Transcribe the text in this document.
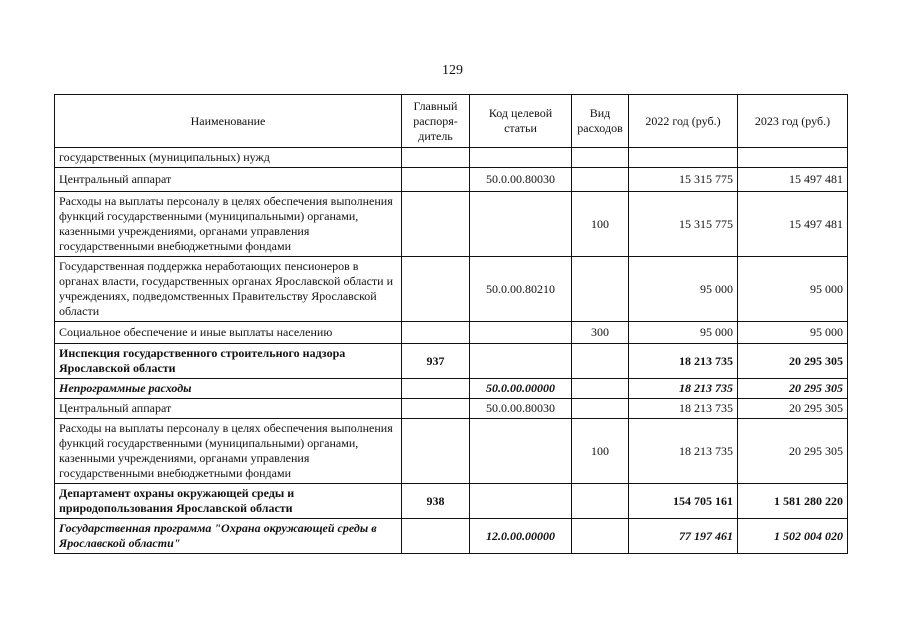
129
Наименование	Главный распоря-дитель	Код целевой статьи	Вид расходов	2022 год (руб.)	2023 год (руб.)
государственных (муниципальных) нужд					
Центральный аппарат		50.0.00.80030		15 315 775	15 497 481
Расходы на выплаты персоналу в целях обеспечения выполнения функций государственными (муниципальными) органами, казенными учреждениями, органами управления государственными внебюджетными фондами			100	15 315 775	15 497 481
Государственная поддержка неработающих пенсионеров в органах власти, государственных органах Ярославской области и учреждениях, подведомственных Правительству Ярославской области		50.0.00.80210		95 000	95 000
Социальное обеспечение и иные выплаты населению			300	95 000	95 000
Инспекция государственного строительного надзора Ярославской области	937			18 213 735	20 295 305
Непрограммные расходы		50.0.00.00000		18 213 735	20 295 305
Центральный аппарат		50.0.00.80030		18 213 735	20 295 305
Расходы на выплаты персоналу в целях обеспечения выполнения функций государственными (муниципальными) органами, казенными учреждениями, органами управления государственными внебюджетными фондами			100	18 213 735	20 295 305
Департамент охраны окружающей среды и природопользования Ярославской области	938			154 705 161	1 581 280 220
Государственная программа "Охрана окружающей среды в Ярославской области"		12.0.00.00000		77 197 461	1 502 004 020
